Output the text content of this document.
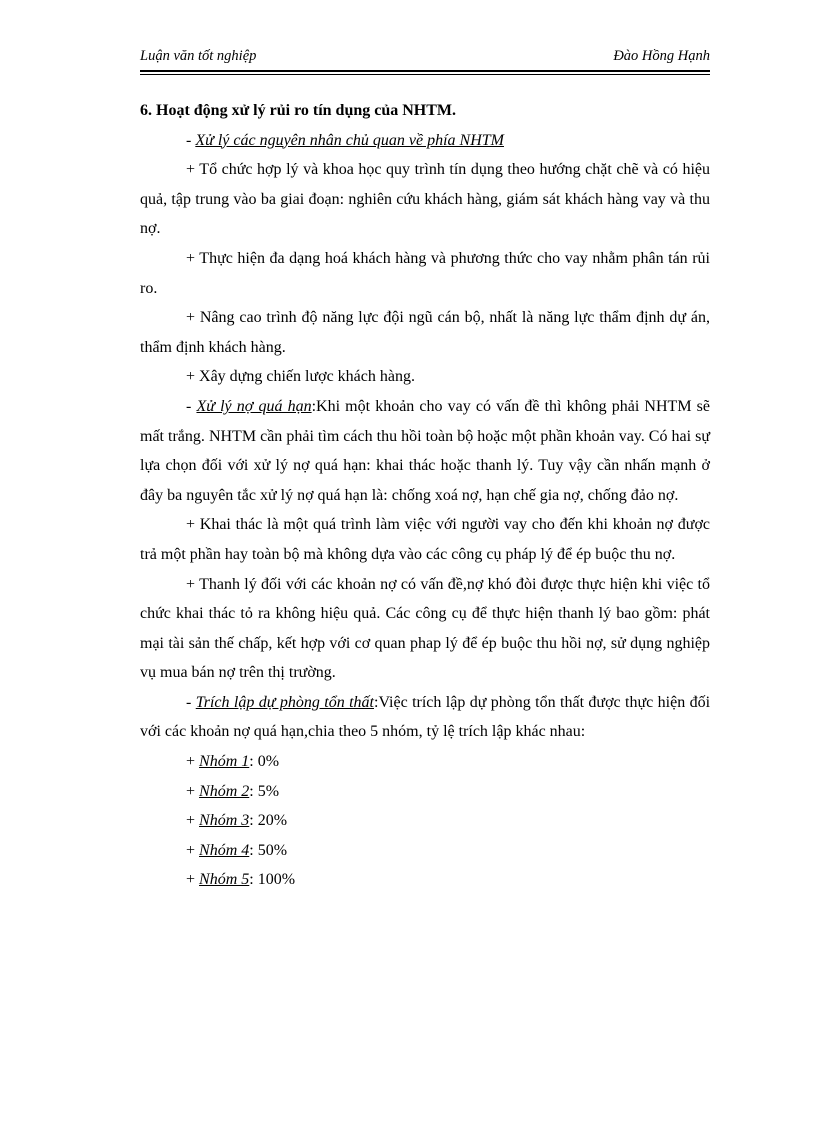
Luận văn tốt nghiệp	Đào Hồng Hạnh
6. Hoạt động xử lý rủi ro tín dụng của NHTM.

- Xử lý các nguyên nhân chủ quan về phía NHTM

+ Tổ chức hợp lý và khoa học quy trình tín dụng theo hướng chặt chẽ và có hiệu quả, tập trung vào ba giai đoạn: nghiên cứu khách hàng, giám sát khách hàng vay và thu nợ.

+ Thực hiện đa dạng hoá khách hàng và phương thức cho vay nhằm phân tán rủi ro.

+ Nâng cao trình độ năng lực đội ngũ cán bộ, nhất là năng lực thẩm định dự án, thẩm định khách hàng.

+ Xây dựng chiến lược khách hàng.

- Xử lý nợ quá hạn:Khi một khoản cho vay có vấn đề thì không phải NHTM sẽ mất trắng. NHTM cần phải tìm cách thu hồi toàn bộ hoặc một phần khoản vay. Có hai sự lựa chọn đối với xử lý nợ quá hạn: khai thác hoặc thanh lý. Tuy vậy cần nhấn mạnh ở đây ba nguyên tắc xử lý nợ quá hạn là: chống xoá nợ, hạn chế gia nợ, chống đảo nợ.

+ Khai thác là một quá trình làm việc với người vay cho đến khi khoản nợ được trả một phần hay toàn bộ mà không dựa vào các công cụ pháp lý để ép buộc thu nợ.

+ Thanh lý đối với các khoản nợ có vấn đề,nợ khó đòi được thực hiện khi việc tổ chức khai thác tỏ ra không hiệu quả. Các công cụ để thực hiện thanh lý bao gồm: phát mại tài sản thế chấp, kết hợp với cơ quan phap lý để ép buộc thu hồi nợ, sử dụng nghiệp vụ mua bán nợ trên thị trường.

- Trích lập dự phòng tổn thất:Việc trích lập dự phòng tổn thất được thực hiện đối với các khoản nợ quá hạn,chia theo 5 nhóm, tỷ lệ trích lập khác nhau:

+ Nhóm 1: 0%
+ Nhóm 2: 5%
+ Nhóm 3: 20%
+ Nhóm 4: 50%
+ Nhóm 5: 100%
